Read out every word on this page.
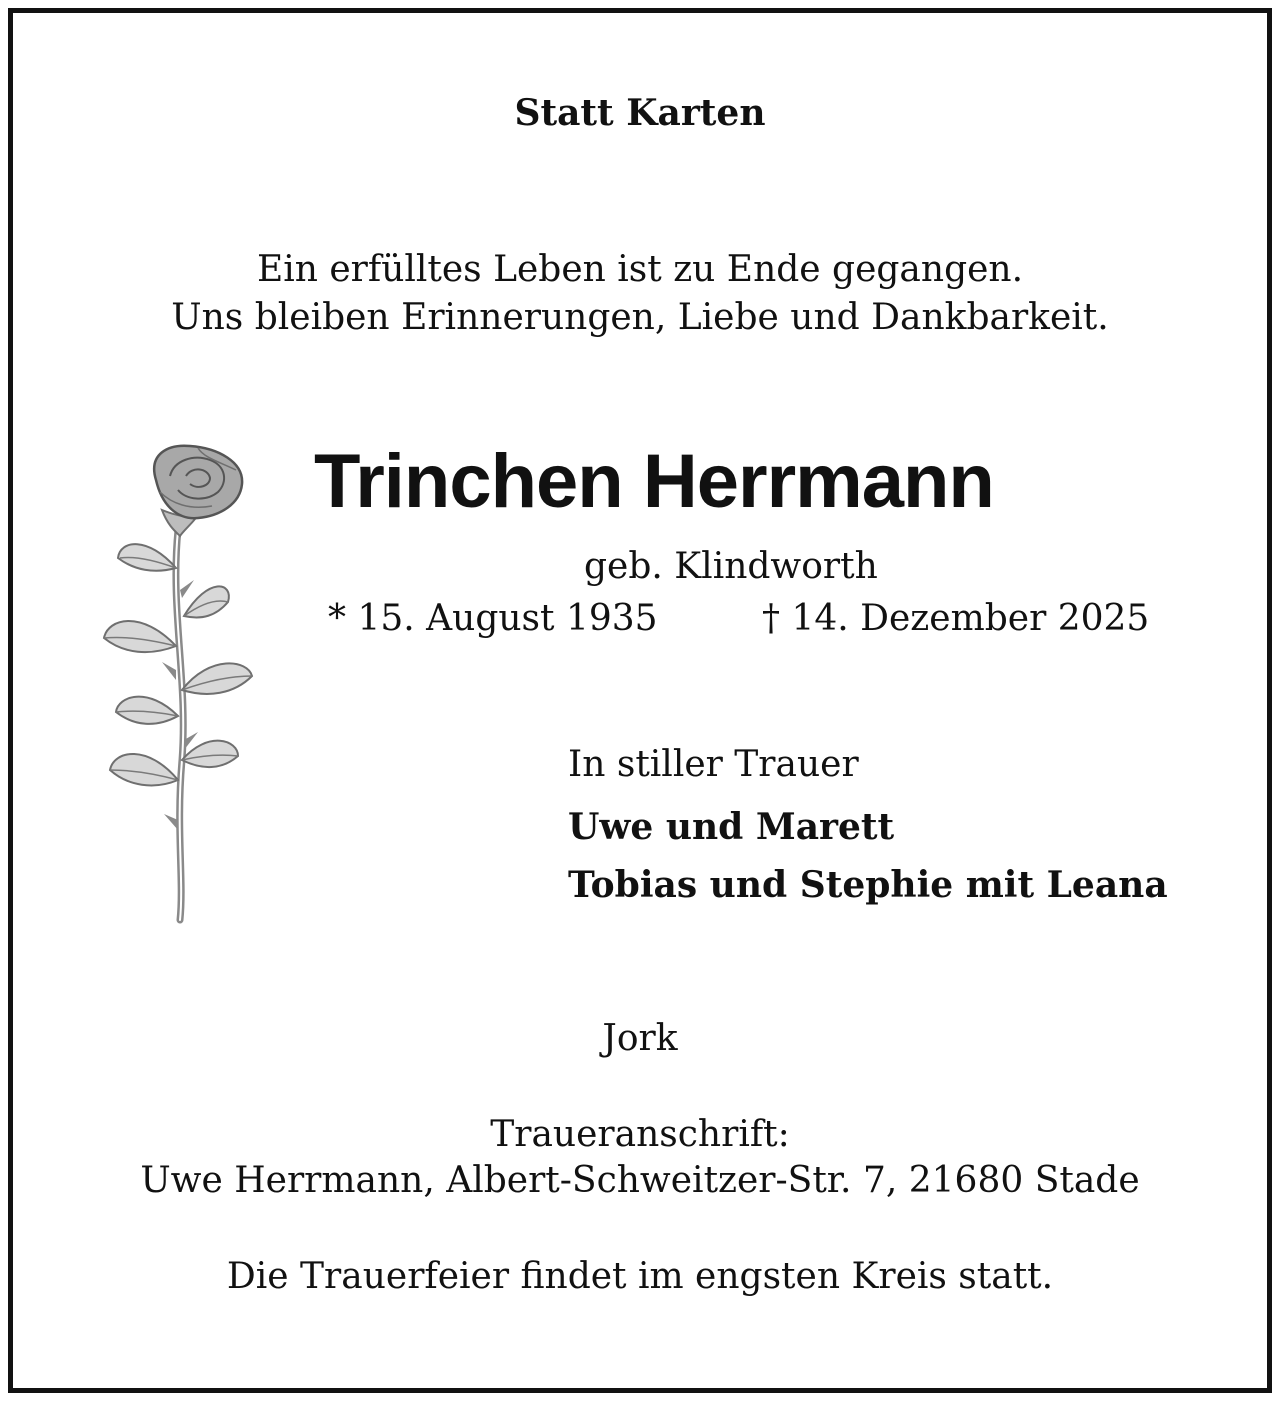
Statt Karten
Ein erfülltes Leben ist zu Ende gegangen.
Uns bleiben Erinnerungen, Liebe und Dankbarkeit.
Trinchen Herrmann
geb. Klindworth
* 15. August 1935	† 14. Dezember 2025
In stiller Trauer
Uwe und Marett
Tobias und Stephie mit Leana
Jork
Traueranschrift:
Uwe Herrmann, Albert-Schweitzer-Str. 7, 21680 Stade
Die Trauerfeier findet im engsten Kreis statt.
